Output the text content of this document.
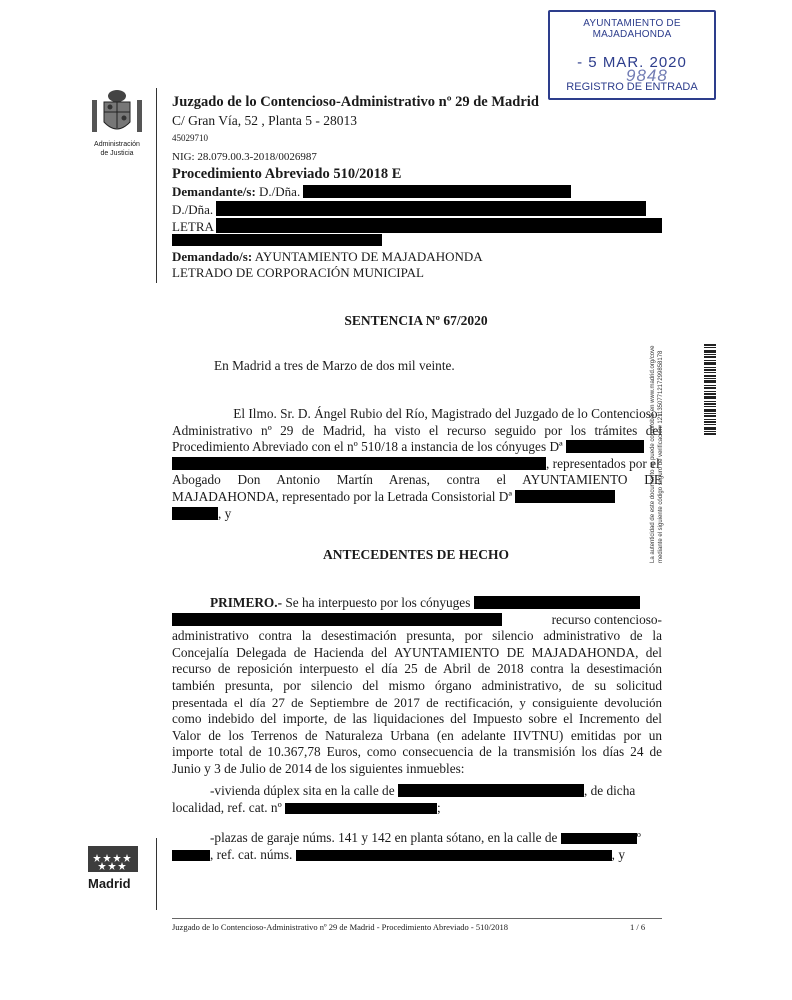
AYUNTAMIENTO DE MAJADAHONDA
- 5 MAR. 2020
REGISTRO DE ENTRADA
9848
Administración
de Justicia
Juzgado de lo Contencioso-Administrativo nº 29 de Madrid
C/ Gran Vía, 52 , Planta 5 - 28013
45029710
NIG: 28.079.00.3-2018/0026987
Procedimiento Abreviado 510/2018 E
Demandante/s: D./Dña.
D./Dña.
LETRA
Demandado/s: AYUNTAMIENTO DE MAJADAHONDA
LETRADO DE CORPORACIÓN MUNICIPAL
SENTENCIA Nº 67/2020
En Madrid a tres de Marzo de dos mil veinte.
El Ilmo. Sr. D. Ángel Rubio del Río, Magistrado del Juzgado de lo Contencioso-
Administrativo nº 29 de Madrid, ha visto el recurso seguido por los trámites del
Procedimiento Abreviado con el nº 510/18 a instancia de los cónyuges Dª
, representados por el
Abogado Don Antonio Martín Arenas, contra el AYUNTAMIENTO DE
MAJADAHONDA, representado por la Letrada Consistorial Dª
, y
ANTECEDENTES DE HECHO
PRIMERO.- Se ha interpuesto por los cónyuges
recurso contencioso-
administrativo contra la desestimación presunta, por silencio administrativo de la
Concejalía Delegada de Hacienda del AYUNTAMIENTO DE MAJADAHONDA, del
recurso de reposición interpuesto el día 25 de Abril de 2018 contra la desestimación
también presunta, por silencio del mismo órgano administrativo, de su solicitud
presentada el día 27 de Septiembre de 2017 de rectificación, y consiguiente devolución
como indebido del importe, de las liquidaciones del Impuesto sobre el Incremento del
Valor de los Terrenos de Naturaleza Urbana (en adelante IIVTNU) emitidas por un
importe total de 10.367,78 Euros, como consecuencia de la transmisión los días 24 de
Junio y 3 de Julio de 2014 de los siguientes inmuebles:
-vivienda dúplex sita en la calle de	, de dicha
localidad, ref. cat. nº	;
-plazas de garaje núms. 141 y 142 en planta sótano, en la calle de	º
, ref. cat. núms.	, y
Madrid
Juzgado de lo Contencioso-Administrativo nº 29 de Madrid - Procedimiento Abreviado - 510/2018	1 / 6
La autenticidad de este documento se puede comprobar en www.madrid.org/cove mediante el siguiente código seguro de verificación: 1211350771217299858178
